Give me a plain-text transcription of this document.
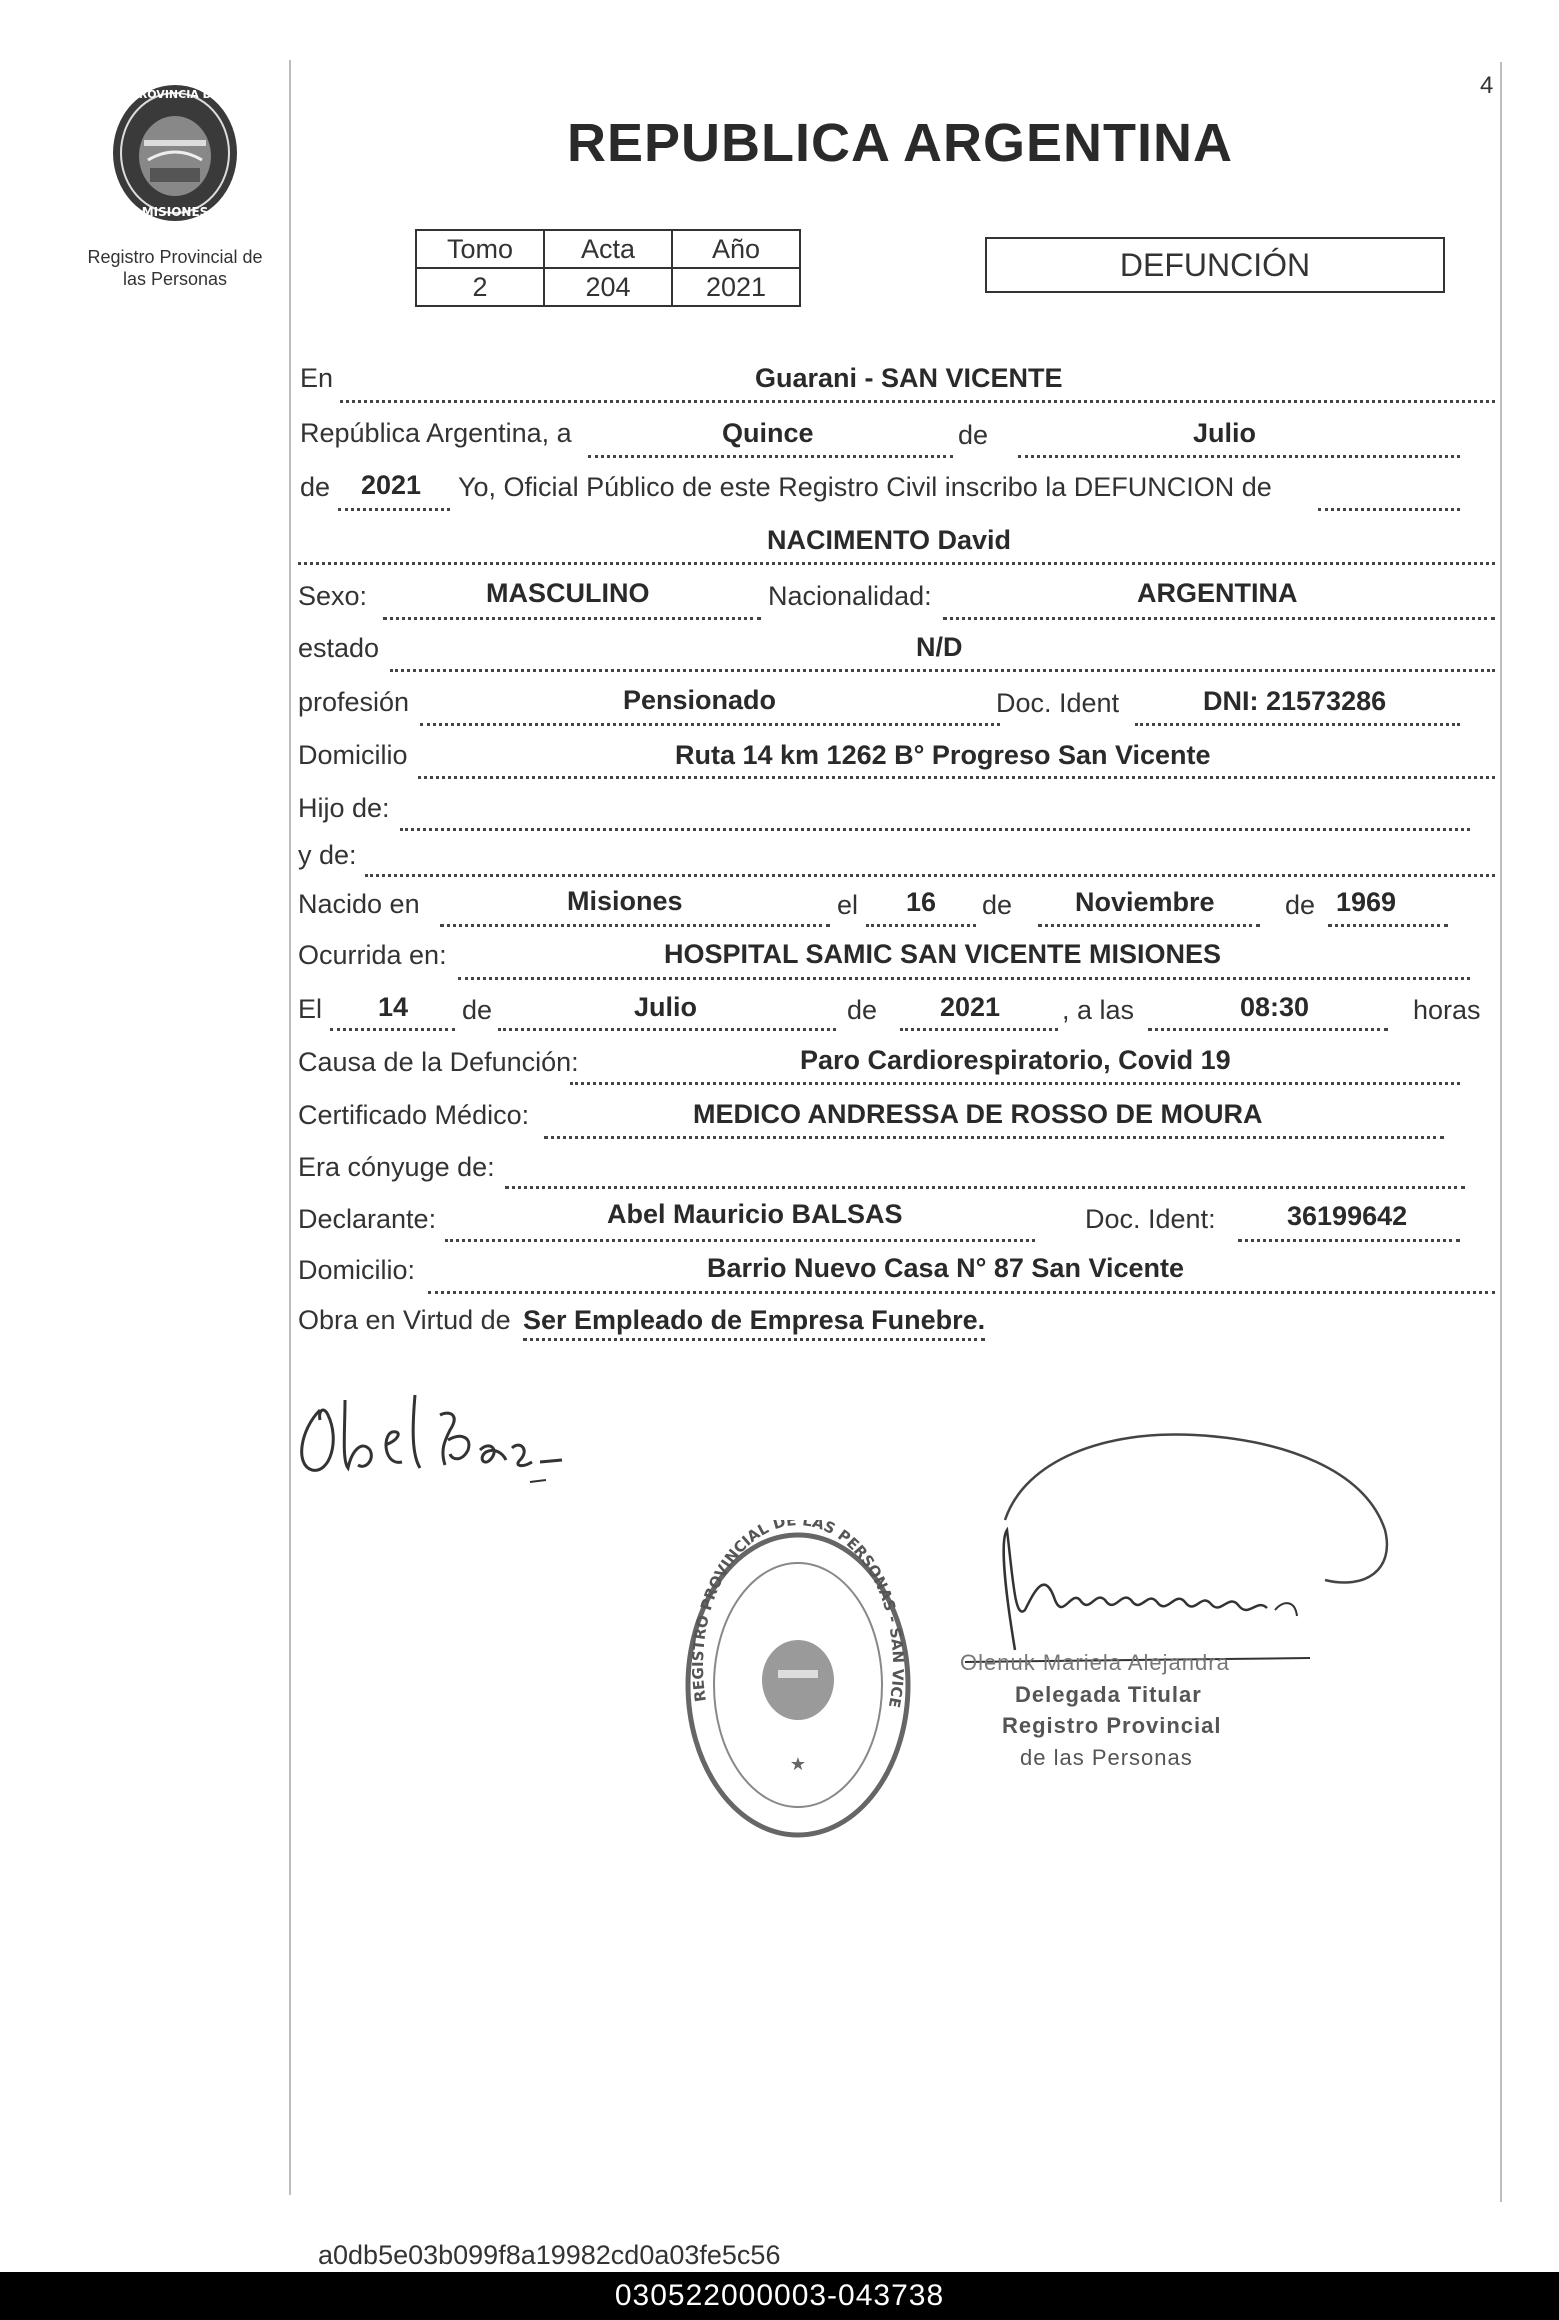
4
PROVINCIA DE
MISIONES
Registro Provincial de
las Personas
REPUBLICA ARGENTINA
Tomo	Acta	Año
2	204	2021
DEFUNCIÓN
En	Guarani - SAN VICENTE
República Argentina, a	Quince	de	Julio
de 2021 Yo, Oficial Público de este Registro Civil inscribo la DEFUNCION de
NACIMENTO David
Sexo:	MASCULINO	Nacionalidad:	ARGENTINA
estado	N/D
profesión	Pensionado	Doc. Ident	DNI: 21573286
Domicilio	Ruta 14 km 1262 B° Progreso San Vicente
Hijo de:
y de:
Nacido en	Misiones	el 16 de Noviembre	de 1969
Ocurrida en:	HOSPITAL SAMIC SAN VICENTE MISIONES
El 14 de	Julio	de 2021 , a las	08:30	horas
Causa de la Defunción:	Paro Cardiorespiratorio, Covid 19
Certificado Médico:	MEDICO ANDRESSA DE ROSSO DE MOURA
Era cónyuge de:
Declarante:	Abel Mauricio BALSAS	Doc. Ident:	36199642
Domicilio:	Barrio Nuevo Casa N° 87 San Vicente
Obra en Virtud de Ser Empleado de Empresa Funebre.
REGISTRO PROVINCIAL DE LAS PERSONAS - SAN VICE
★
Olenuk Mariela Alejandra
Delegada Titular
Registro Provincial
de las Personas
a0db5e03b099f8a19982cd0a03fe5c56
030522000003-043738
